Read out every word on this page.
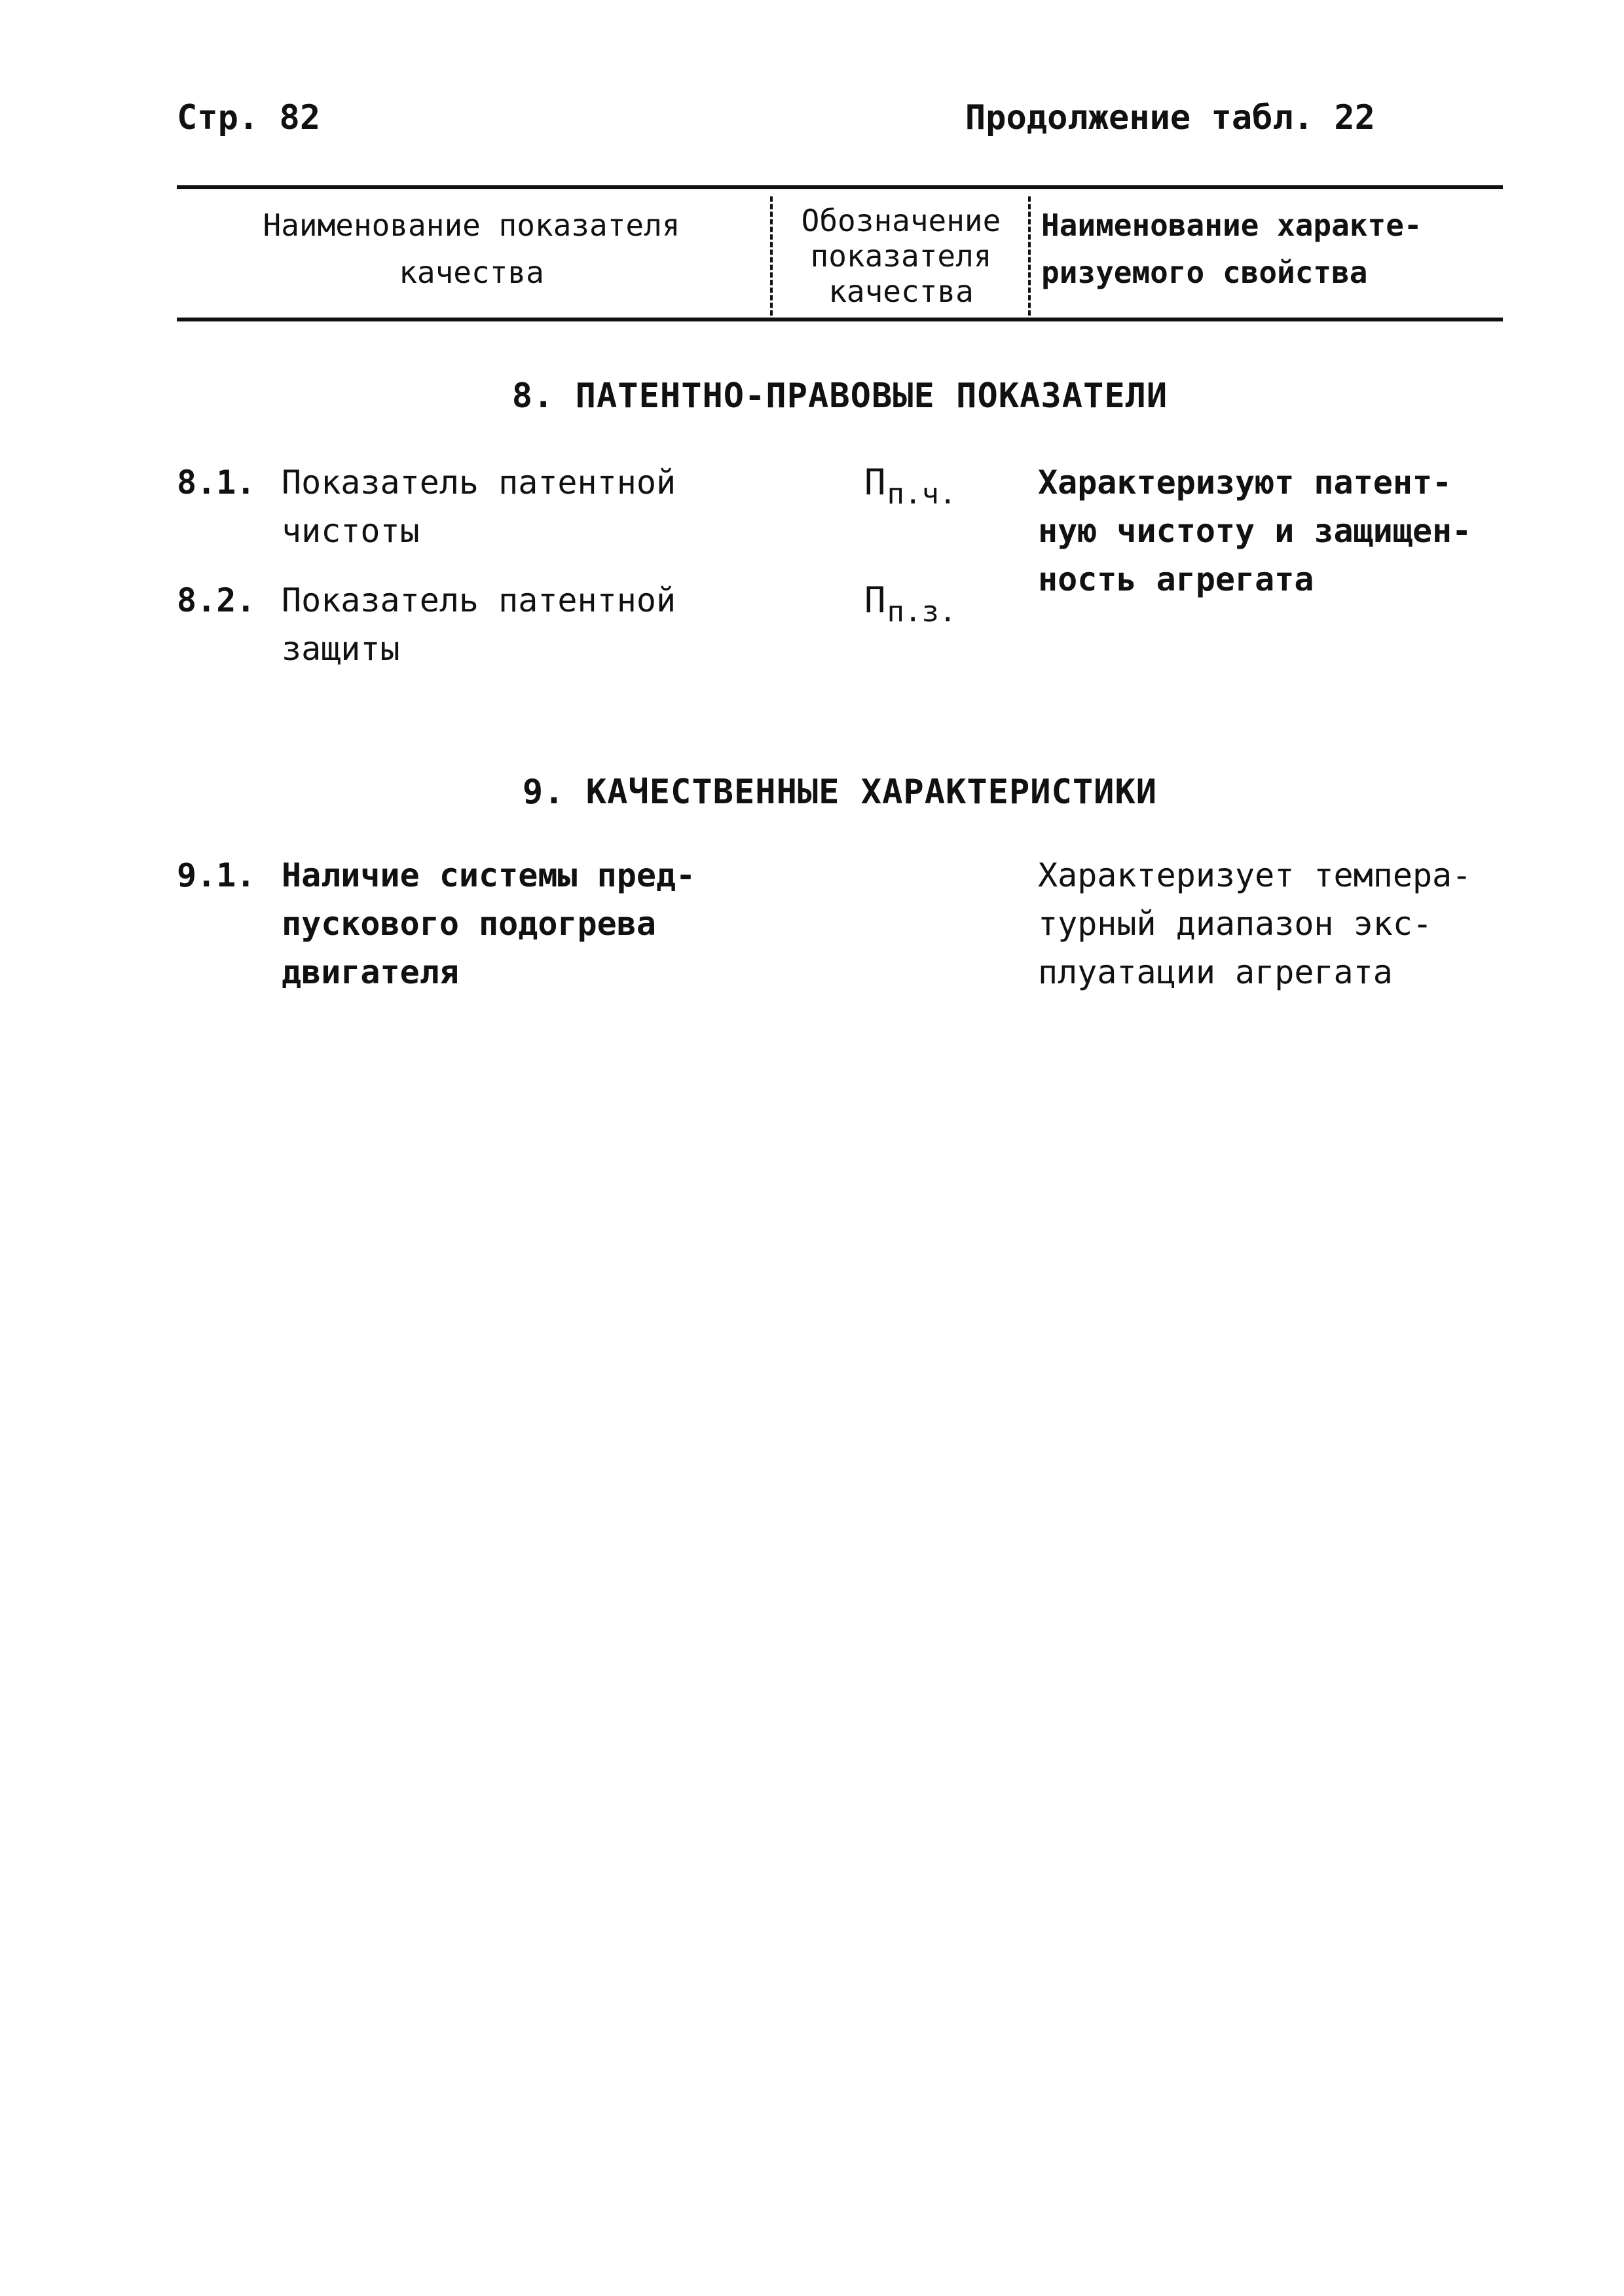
Стр. 82	Продолжение табл. 22
Наименование показателя
качества
Обозначение
показателя
качества
Наименование характе-
ризуемого свойства
8. ПАТЕНТНО-ПРАВОВЫЕ ПОКАЗАТЕЛИ
8.1. Показатель патентной
чистоты
$П_{п.ч.}$
8.2. Показатель патентной
защиты
$П_{п.з.}$
Характеризуют патент-
ную чистоту и защищен-
ность агрегата
9. КАЧЕСТВЕННЫЕ ХАРАКТЕРИСТИКИ
9.1. Наличие системы пред-
пускового подогрева
двигателя
Характеризует темпера-
турный диапазон экс-
плуатации агрегата
